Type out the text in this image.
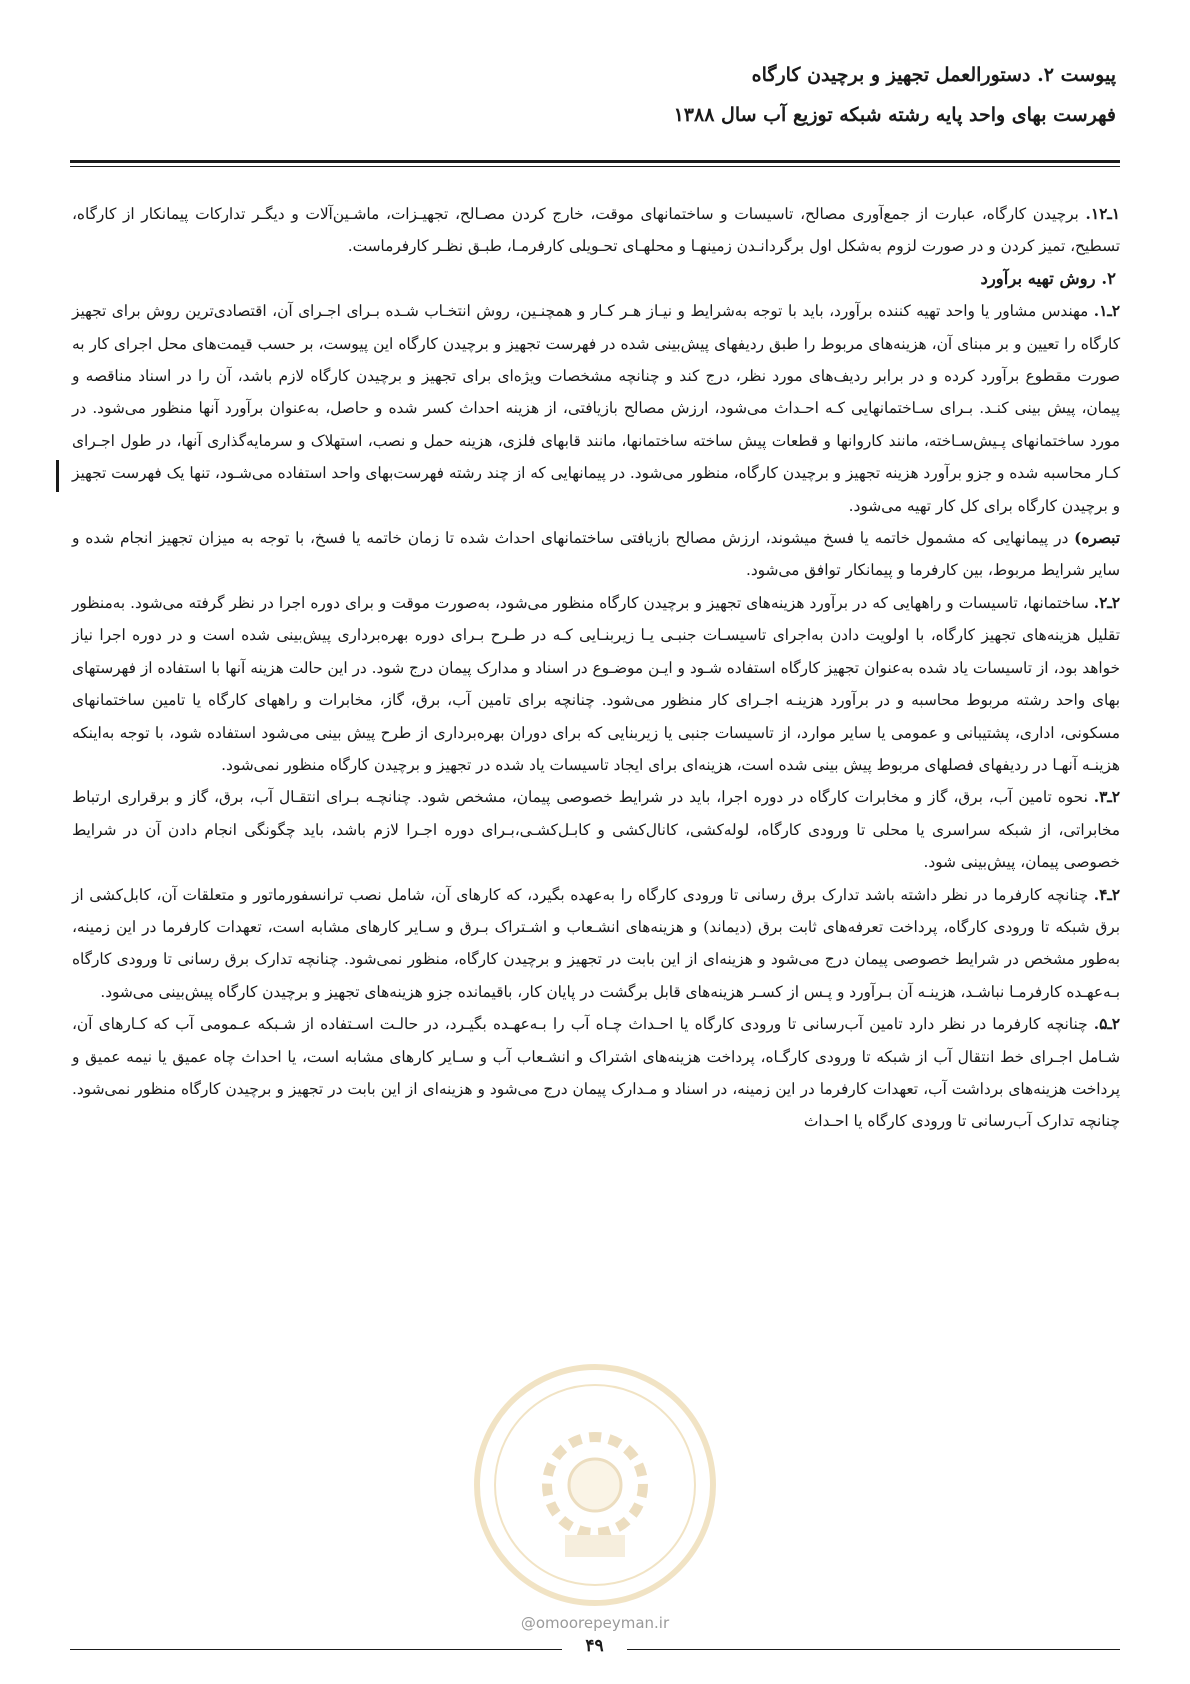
پیوست ۲. دستورالعمل تجهیز و برچیدن کارگاه

فهرست بهای واحد پایه رشته شبکه توزیع آب سال ۱۳۸۸

۱ـ۱۲. برچیدن کارگاه، عبارت از جمع‌آوری مصالح، تاسیسات و ساختمانهای موقت، خارج کردن مصـالح، تجهیـزات، ماشـین‌آلات و دیگـر تدارکات پیمانکار از کارگاه، تسطیح، تمیز کردن و در صورت لزوم به‌شکل اول برگردانـدن زمینهـا و محلهـای تحـویلی کارفرمـا، طبـق نظـر کارفرماست.

۲. روش تهیه برآورد

۲ـ۱. مهندس مشاور یا واحد تهیه کننده برآورد، باید با توجه به‌شرایط و نیـاز هـر کـار و همچنـین، روش انتخـاب شـده بـرای اجـرای آن، اقتصادی‌ترین روش برای تجهیز کارگاه را تعیین و بر مبنای آن، هزینه‌های مربوط را طبق ردیفهای پیش‌بینی شده در فهرست تجهیز و برچیدن کارگاه این پیوست، بر حسب قیمت‌های محل اجرای کار به صورت مقطوع برآورد کرده و در برابر ردیف‌های مورد نظر، درج کند و چنانچه مشخصات ویژه‌ای برای تجهیز و برچیدن کارگاه لازم باشد، آن را در اسناد مناقصه و پیمان، پیش بینی کنـد. بـرای سـاختمانهایی کـه احـداث می‌شود، ارزش مصالح بازیافتی، از هزینه احداث کسر شده و حاصل، به‌عنوان برآورد آنها منظور می‌شود. در مورد ساختمانهای پـیش‌سـاخته، مانند کاروانها و قطعات پیش ساخته ساختمانها، مانند قابهای فلزی، هزینه حمل و نصب، استهلاک و سرمایه‌گذاری آنها، در طول اجـرای کـار محاسبه شده و جزو برآورد هزینه تجهیز و برچیدن کارگاه، منظور می‌شود. در پیمانهایی که از چند رشته فهرست‌بهای واحد استفاده می‌شـود، تنها یک فهرست تجهیز و برچیدن کارگاه برای کل کار تهیه می‌شود.

تبصره) در پیمانهایی که مشمول خاتمه یا فسخ میشوند، ارزش مصالح بازیافتی ساختمانهای احداث شده تا زمان خاتمه یا فسخ، با توجه به میزان تجهیز انجام شده و سایر شرایط مربوط، بین کارفرما و پیمانکار توافق می‌شود.

۲ـ۲. ساختمانها، تاسیسات و راههایی که در برآورد هزینه‌های تجهیز و برچیدن کارگاه منظور می‌شود، به‌صورت موقت و برای دوره اجرا در نظر گرفته می‌شود. به‌منظور تقلیل هزینه‌های تجهیز کارگاه، با اولویت دادن به‌اجرای تاسیسـات جنبـی یـا زیربنـایی کـه در طـرح بـرای دوره بهره‌برداری پیش‌بینی شده است و در دوره اجرا نیاز خواهد بود، از تاسیسات یاد شده به‌عنوان تجهیز کارگاه استفاده شـود و ایـن موضـوع در اسناد و مدارک پیمان درج شود. در این حالت هزینه آنها با استفاده از فهرستهای بهای واحد رشته مربوط محاسبه و در برآورد هزینـه اجـرای کار منظور می‌شود. چنانچه برای تامین آب، برق، گاز، مخابرات و راههای کارگاه یا تامین ساختمانهای مسکونی، اداری، پشتیبانی و عمومی یا سایر موارد، از تاسیسات جنبی یا زیربنایی که برای دوران بهره‌برداری از طرح پیش بینی می‌شود استفاده شود، با توجه به‌اینکه هزینـه آنهـا در ردیفهای فصلهای مربوط پیش بینی شده است، هزینه‌ای برای ایجاد تاسیسات یاد شده در تجهیز و برچیدن کارگاه منظور نمی‌شود.

۲ـ۳. نحوه تامین آب، برق، گاز و مخابرات کارگاه در دوره اجرا، باید در شرایط خصوصی پیمان، مشخص شود. چنانچـه بـرای انتقـال آب، برق، گاز و برقراری ارتباط مخابراتی، از شبکه سراسری یا محلی تا ورودی کارگاه، لوله‌کشی، کانال‌کشی و کابـل‌کشـی،بـرای دوره اجـرا لازم باشد، باید چگونگی انجام دادن آن در شرایط خصوصی پیمان، پیش‌بینی شود.

۲ـ۴. چنانچه کارفرما در نظر داشته باشد تدارک برق رسانی تا ورودی کارگاه را به‌عهده بگیرد، که کارهای آن، شامل نصب ترانسفورماتور و متعلقات آن، کابل‌کشی از برق شبکه تا ورودی کارگاه، پرداخت تعرفه‌های ثابت برق (دیماند) و هزینه‌های انشـعاب و اشـتراک بـرق و سـایر کارهای مشابه است، تعهدات کارفرما در این زمینه، به‌طور مشخص در شرایط خصوصی پیمان درج می‌شود و هزینه‌ای از این بابت در تجهیز و برچیدن کارگاه، منظور نمی‌شود. چنانچه تدارک برق رسانی تا ورودی کارگاه بـه‌عهـده کارفرمـا نباشـد، هزینـه آن بـرآورد و پـس از کسـر هزینه‌های قابل برگشت در پایان کار، باقیمانده جزو هزینه‌های تجهیز و برچیدن کارگاه پیش‌بینی می‌شود.

۲ـ۵. چنانچه کارفرما در نظر دارد تامین آب‌رسانی تا ورودی کارگاه یا احـداث چـاه آب را بـه‌عهـده بگیـرد، در حالـت اسـتفاده از شـبکه عـمومی آب که کـارهای آن، شـامل اجـرای خط انتقال آب از شبکه تا ورودی کارگـاه، پرداخت هزینه‌های اشتراک و انشـعاب آب و سـایر کارهای مشابه است، یا احداث چاه عمیق یا نیمه عمیق و پرداخت هزینه‌های برداشت آب، تعهدات کارفرما در این زمینه، در اسناد و مـدارک پیمان درج می‌شود و هزینه‌ای از این بابت در تجهیز و برچیدن کارگاه منظور نمی‌شود. چنانچه تدارک آب‌رسانی تا ورودی کارگاه یا احـداث

@omoorepeyman.ir
۴۹
